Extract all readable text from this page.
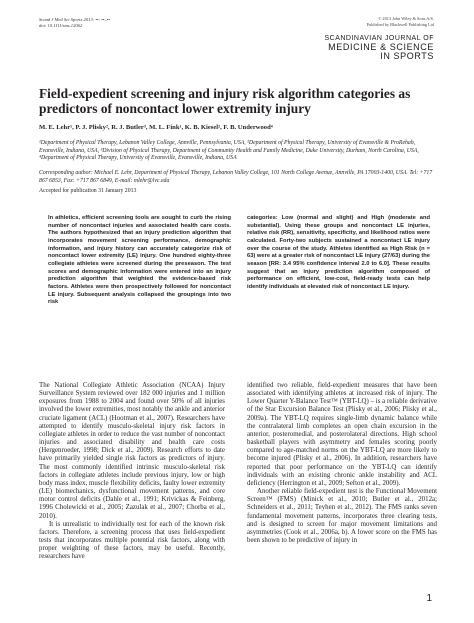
Scand J Med Sci Sports 2013: ••: ••–••
doi: 10.1111/sms.12062
© 2013 John Wiley & Sons A/S.
Published by Blackwell Publishing Ltd
SCANDINAVIAN JOURNAL OF
MEDICINE & SCIENCE
IN SPORTS
Field-expedient screening and injury risk algorithm categories as predictors of noncontact lower extremity injury
M. E. Lehr¹, P. J. Plisky², R. J. Butler³, M. L. Fink¹, K. B. Kiesel², F. B. Underwood⁴
¹Department of Physical Therapy, Lebanon Valley College, Annville, Pennsylvania, USA, ²Department of Physical Therapy, University of Evansville & ProRehab, Evansville, Indiana, USA, ³Division of Physical Therapy, Department of Community Health and Family Medicine, Duke University, Durham, North Carolina, USA, ⁴Department of Physical Therapy, University of Evansville, Evansville, Indiana, USA
Corresponding author: Michael E. Lehr, Department of Physical Therapy, Lebanon Valley College, 101 North College Avenue, Annville, PA 17003-1400, USA. Tel: +717 867 6853, Fax: +717 867 6849, E-mail: mlehr@lvc.edu
Accepted for publication 31 January 2013
In athletics, efficient screening tools are sought to curb the rising number of noncontact injuries and associated health care costs. The authors hypothesized that an injury prediction algorithm that incorporates movement screening performance, demographic information, and injury history can accurately categorize risk of noncontact lower extremity (LE) injury. One hundred eighty-three collegiate athletes were screened during the preseason. The test scores and demographic information were entered into an injury prediction algorithm that weighted the evidence-based risk factors. Athletes were then prospectively followed for noncontact LE injury. Subsequent analysis collapsed the groupings into two risk
categories: Low (normal and slight) and High (moderate and substantial). Using these groups and noncontact LE injuries, relative risk (RR), sensitivity, specificity, and likelihood ratios were calculated. Forty-two subjects sustained a noncontact LE injury over the course of the study. Athletes identified as High Risk (n = 63) were at a greater risk of noncontact LE injury (27/63) during the season [RR: 3.4 95% confidence interval 2.0 to 6.0]. These results suggest that an injury prediction algorithm composed of performance on efficient, low-cost, field-ready tests can help identify individuals at elevated risk of noncontact LE injury.

The National Collegiate Athletic Association (NCAA) Injury Surveillance System reviewed over 182 000 injuries and 1 million exposures from 1988 to 2004 and found over 50% of all injuries involved the lower extremities, most notably the ankle and anterior cruciate ligament (ACL) (Hootman et al., 2007). Researchers have attempted to identify musculo-skeletal injury risk factors in collegiate athletes in order to reduce the vast number of noncontact injuries and associated disability and health care costs (Hergenroeder, 1998; Dick et al., 2009). Research efforts to date have primarily yielded single risk factors as predictors of injury. The most commonly identified intrinsic musculo-skeletal risk factors in collegiate athletes include previous injury, low or high body mass index, muscle flexibility deficits, faulty lower extremity (LE) biomechanics, dysfunctional movement patterns, and core motor control deficits (Dahle et al., 1991; Krivickas & Feinberg, 1996 Cholewicki et al., 2005; Zazulak et al., 2007; Chorba et al., 2010).

It is unrealistic to individually test for each of the known risk factors. Therefore, a screening process that uses field-expedient tests that incorporates multiple potential risk factors, along with proper weighting of these factors, may be useful. Recently, researchers have

identified two reliable, field-expedient measures that have been associated with identifying athletes at increased risk of injury. The Lower Quarter Y-Balance Test™ (YBT-LQ) – is a reliable derivative of the Star Excursion Balance Test (Plisky et al., 2006; Plisky et al., 2009a). The YBT-LQ requires single-limb dynamic balance while the contralateral limb completes an open chain excursion in the anterior, posteromedial, and posterolateral directions. High school basketball players with asymmetry and females scoring poorly compared to age-matched norms on the YBT-LQ are more likely to become injured (Plisky et al., 2006). In addition, researchers have reported that poor performance on the YBT-LQ can identify individuals with an existing chronic ankle instability and ACL deficiency (Herrington et al., 2009; Sefton et al., 2009).

Another reliable field-expedient test is the Functional Movement Screen™ (FMS) (Minick et al., 2010; Butler et al., 2012a; Schneiders et al., 2011; Teyhen et al., 2012). The FMS ranks seven fundamental movement patterns, incorporates three clearing tests, and is designed to screen for major movement limitations and asymmetries (Cook et al., 2006a, b). A lower score on the FMS has been shown to be predictive of injury in

1
